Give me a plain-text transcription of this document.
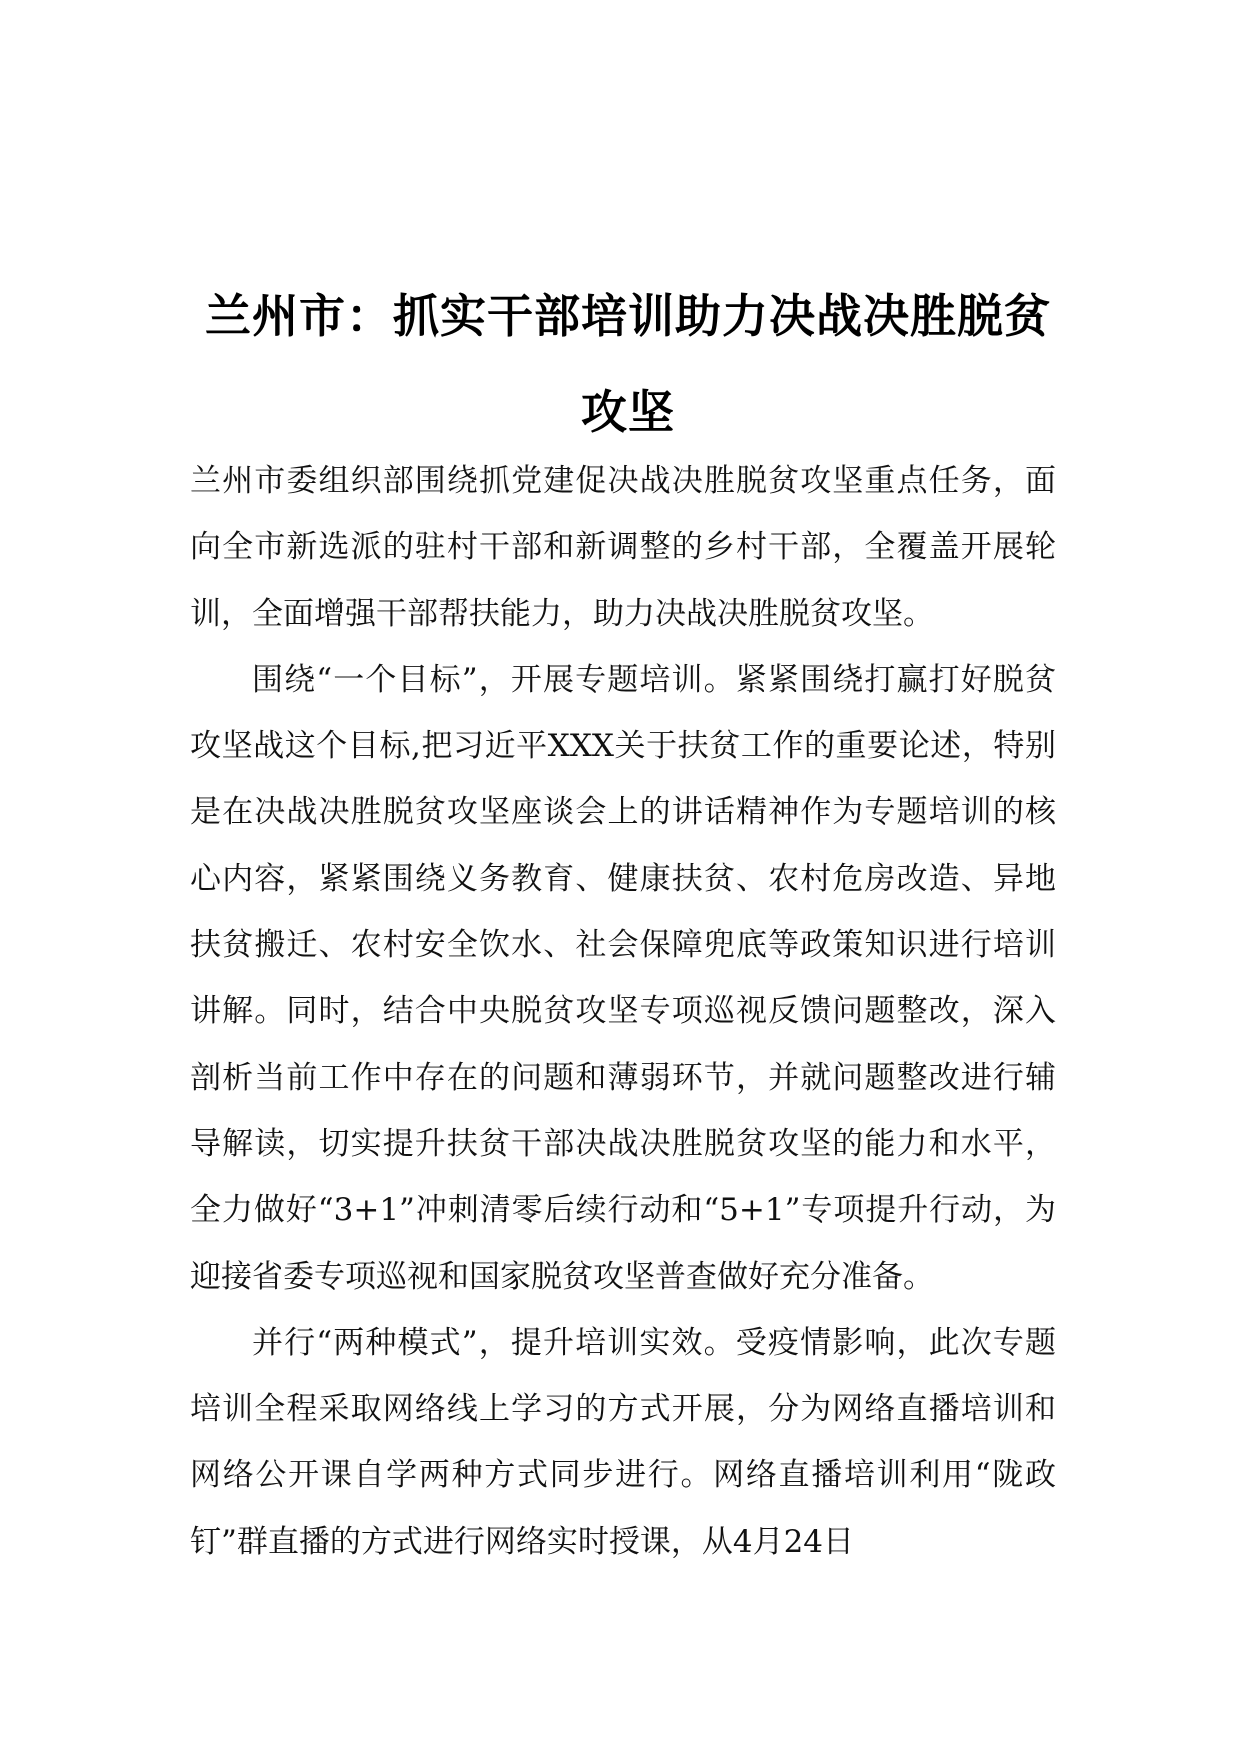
兰州市：抓实干部培训助力决战决胜脱贫攻坚

兰州市委组织部围绕抓党建促决战决胜脱贫攻坚重点任务，面向全市新选派的驻村干部和新调整的乡村干部，全覆盖开展轮训，全面增强干部帮扶能力，助力决战决胜脱贫攻坚。

围绕“一个目标”，开展专题培训。紧紧围绕打赢打好脱贫攻坚战这个目标,把习近平XXX关于扶贫工作的重要论述，特别是在决战决胜脱贫攻坚座谈会上的讲话精神作为专题培训的核心内容，紧紧围绕义务教育、健康扶贫、农村危房改造、异地扶贫搬迁、农村安全饮水、社会保障兜底等政策知识进行培训讲解。同时，结合中央脱贫攻坚专项巡视反馈问题整改，深入剖析当前工作中存在的问题和薄弱环节，并就问题整改进行辅导解读，切实提升扶贫干部决战决胜脱贫攻坚的能力和水平，全力做好“3+1”冲刺清零后续行动和“5+1”专项提升行动，为迎接省委专项巡视和国家脱贫攻坚普查做好充分准备。

并行“两种模式”，提升培训实效。受疫情影响，此次专题培训全程采取网络线上学习的方式开展，分为网络直播培训和网络公开课自学两种方式同步进行。网络直播培训利用“陇政钉”群直播的方式进行网络实时授课，从4月24日
